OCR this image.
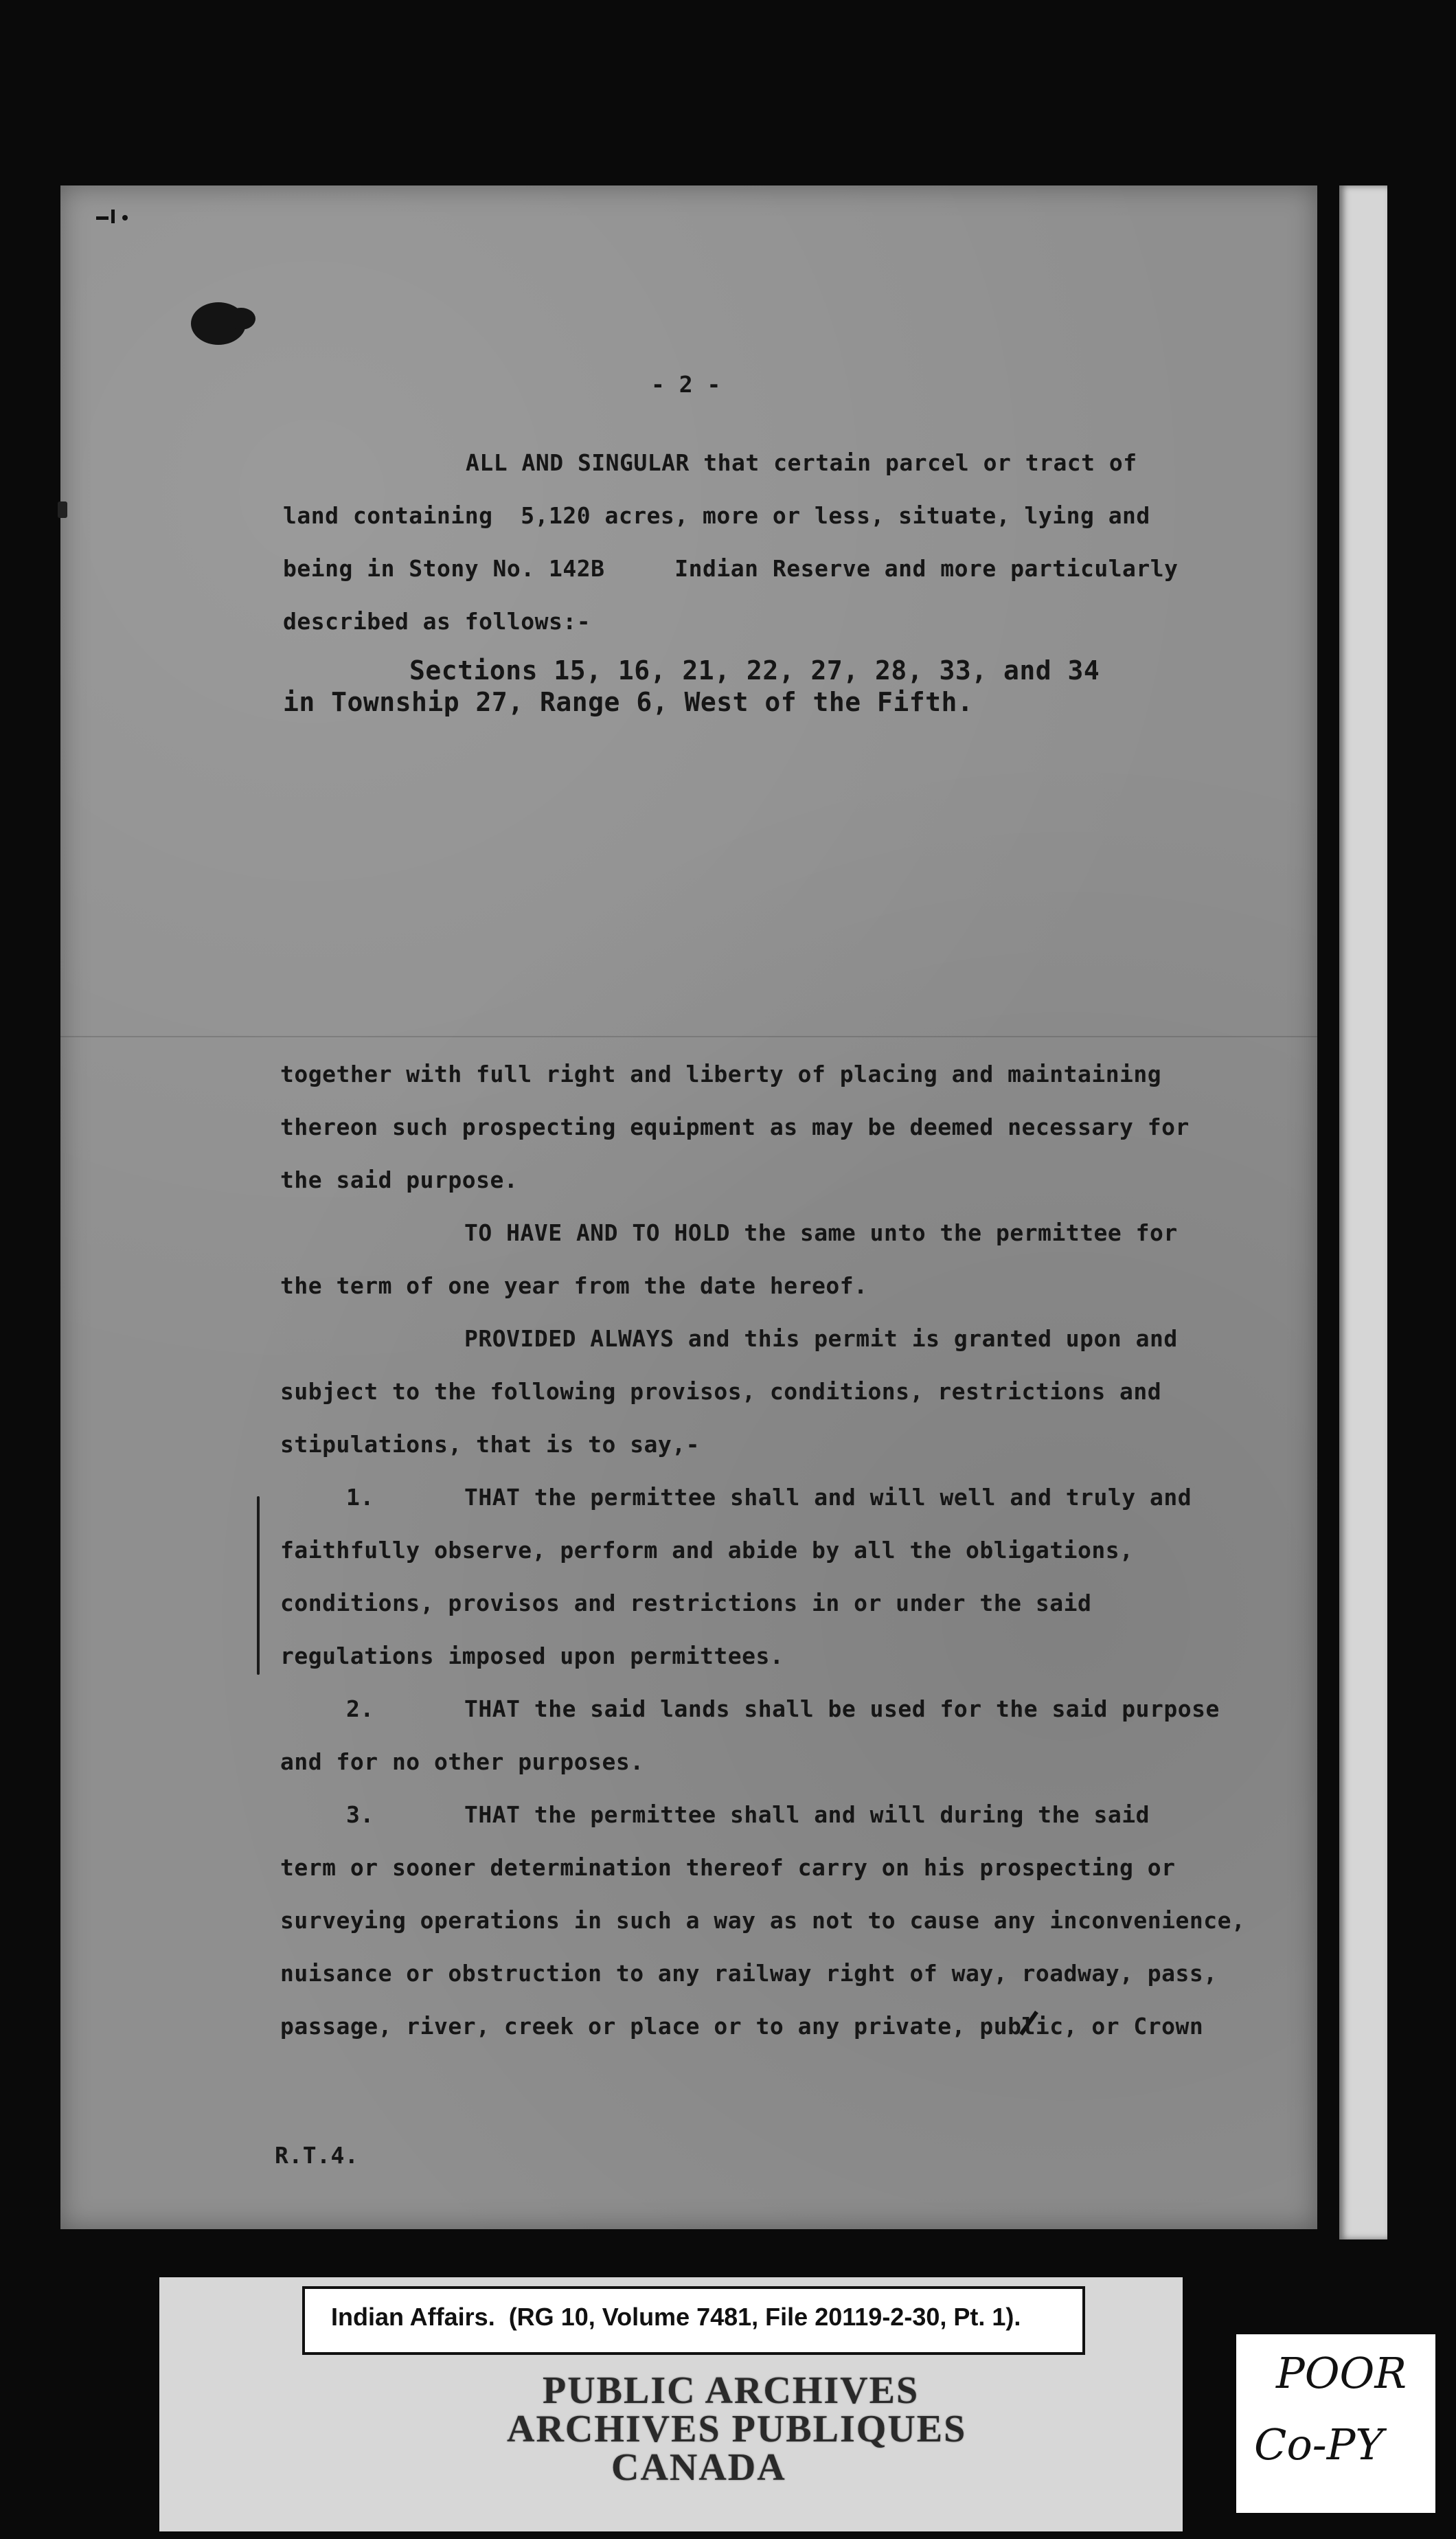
- 2 -
ALL AND SINGULAR that certain parcel or tract of
land containing  5,120 acres, more or less, situate, lying and
being in Stony No. 142B     Indian Reserve and more particularly
described as follows:-
Sections 15, 16, 21, 22, 27, 28, 33, and 34
in Township 27, Range 6, West of the Fifth.
together with full right and liberty of placing and maintaining
thereon such prospecting equipment as may be deemed necessary for
the said purpose.
TO HAVE AND TO HOLD the same unto the permittee for
the term of one year from the date hereof.
PROVIDED ALWAYS and this permit is granted upon and
subject to the following provisos, conditions, restrictions and
stipulations, that is to say,-
1.	THAT the permittee shall and will well and truly and
faithfully observe, perform and abide by all the obligations,
conditions, provisos and restrictions in or under the said
regulations imposed upon permittees.
2.	THAT the said lands shall be used for the said purpose
and for no other purposes.
3.	THAT the permittee shall and will during the said
term or sooner determination thereof carry on his prospecting or
surveying operations in such a way as not to cause any inconvenience,
nuisance or obstruction to any railway right of way, roadway, pass,
passage, river, creek or place or to any private, public, or Crown
R.T.4.
Indian Affairs.  (RG 10, Volume 7481, File 20119-2-30, Pt. 1).
PUBLIC ARCHIVES
ARCHIVES PUBLIQUES
CANADA
POOR
Co-PY
